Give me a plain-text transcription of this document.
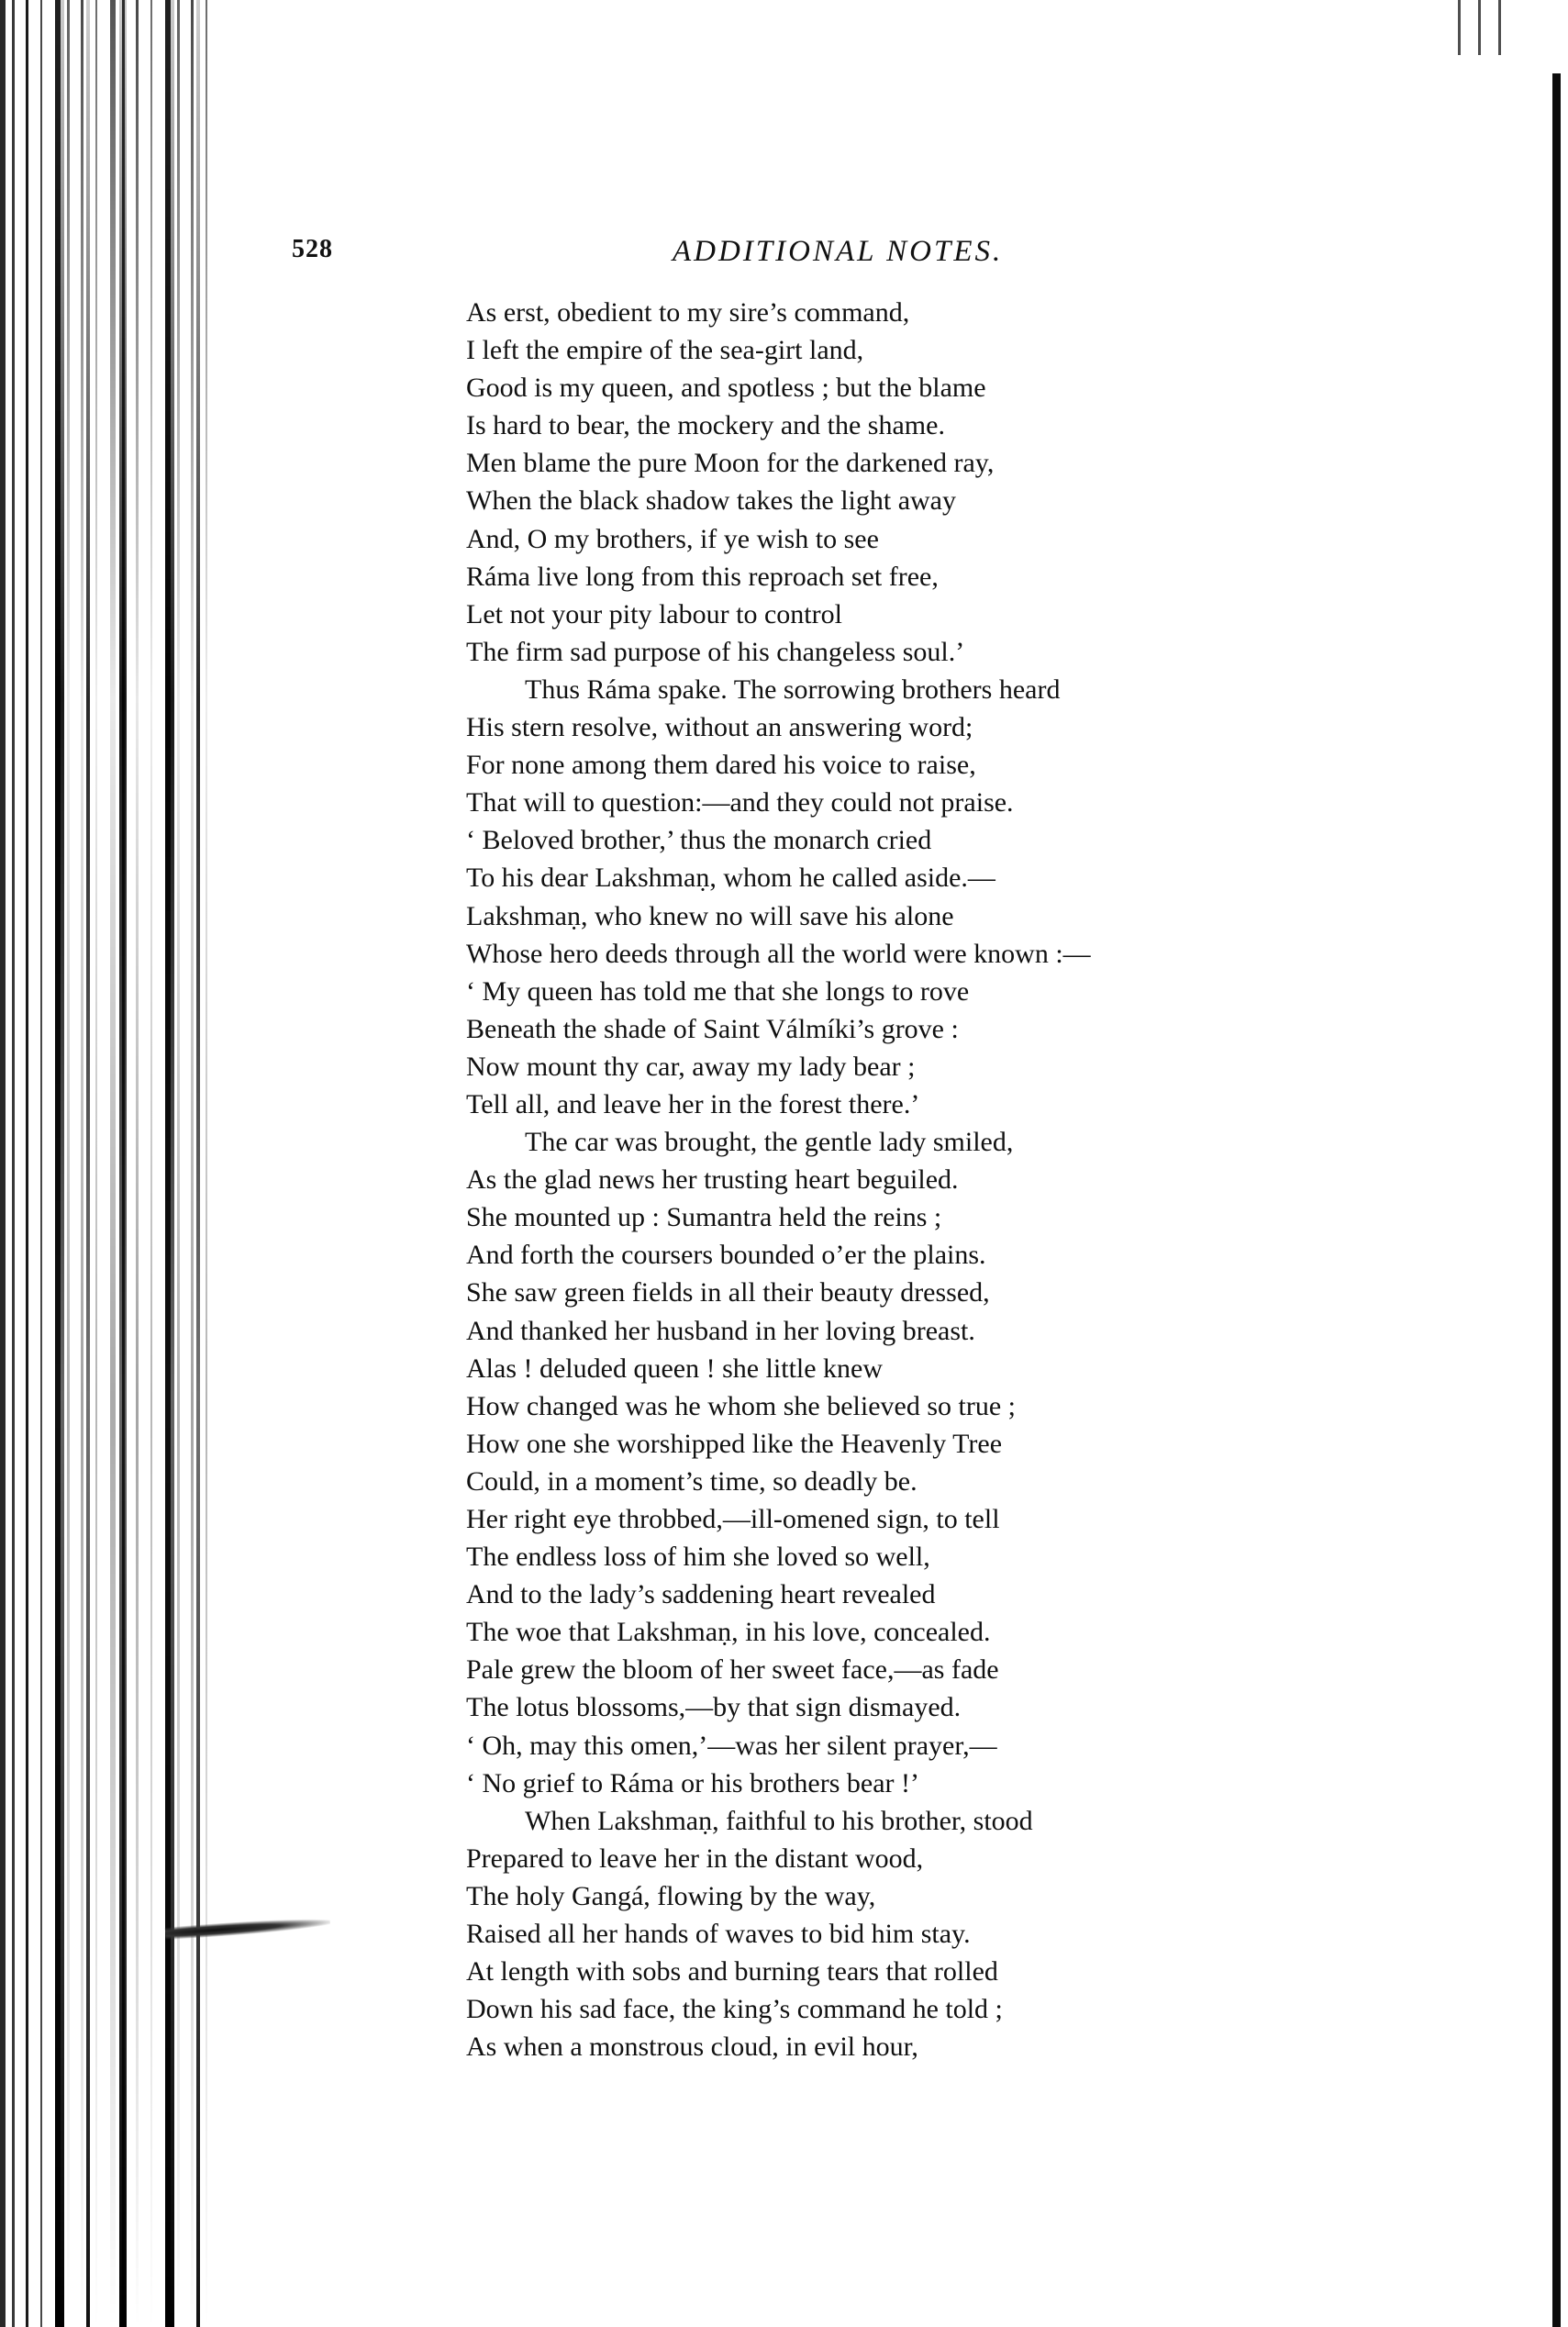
528	ADDITIONAL NOTES.
As erst, obedient to my sire’s command,
I left the empire of the sea-girt land,
Good is my queen, and spotless ; but the blame
Is hard to bear, the mockery and the shame.
Men blame the pure Moon for the darkened ray,
When the black shadow takes the light away
And, O my brothers, if ye wish to see
Ráma live long from this reproach set free,
Let not your pity labour to control
The firm sad purpose of his changeless soul.’
Thus Ráma spake. The sorrowing brothers heard
His stern resolve, without an answering word;
For none among them dared his voice to raise,
That will to question:—and they could not praise.
‘ Beloved brother,’ thus the monarch cried
To his dear Lakshmaṇ, whom he called aside.—
Lakshmaṇ, who knew no will save his alone
Whose hero deeds through all the world were known :—
‘ My queen has told me that she longs to rove
Beneath the shade of Saint Válmíki’s grove :
Now mount thy car, away my lady bear ;
Tell all, and leave her in the forest there.’
The car was brought, the gentle lady smiled,
As the glad news her trusting heart beguiled.
She mounted up : Sumantra held the reins ;
And forth the coursers bounded o’er the plains.
She saw green fields in all their beauty dressed,
And thanked her husband in her loving breast.
Alas ! deluded queen ! she little knew
How changed was he whom she believed so true ;
How one she worshipped like the Heavenly Tree
Could, in a moment’s time, so deadly be.
Her right eye throbbed,—ill-omened sign, to tell
The endless loss of him she loved so well,
And to the lady’s saddening heart revealed
The woe that Lakshmaṇ, in his love, concealed.
Pale grew the bloom of her sweet face,—as fade
The lotus blossoms,—by that sign dismayed.
‘ Oh, may this omen,’—was her silent prayer,—
‘ No grief to Ráma or his brothers bear !’
When Lakshmaṇ, faithful to his brother, stood
Prepared to leave her in the distant wood,
The holy Gangá, flowing by the way,
Raised all her hands of waves to bid him stay.
At length with sobs and burning tears that rolled
Down his sad face, the king’s command he told ;
As when a monstrous cloud, in evil hour,
